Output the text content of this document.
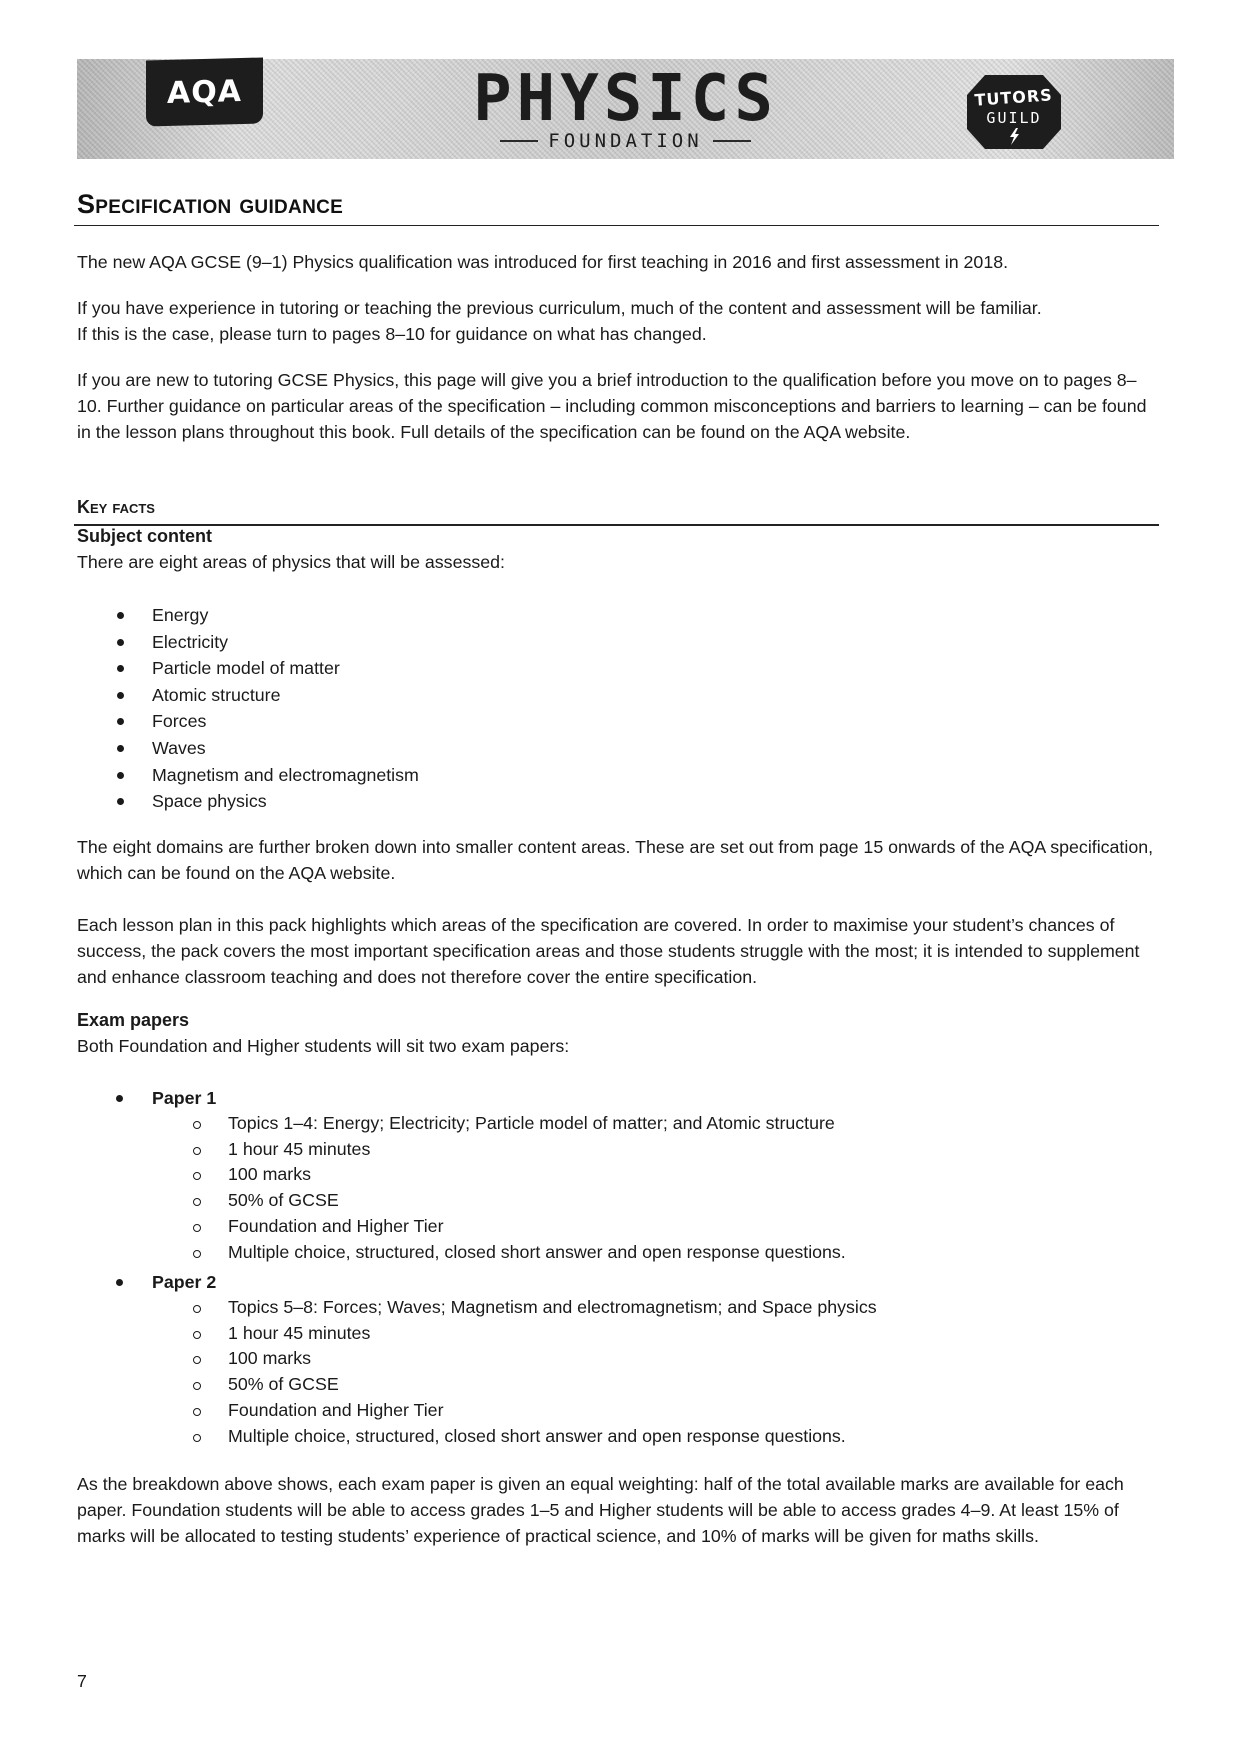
AQA	PHYSICS
FOUNDATION
TUTORS
GUILD
Specification guidance

The new AQA GCSE (9–1) Physics qualification was introduced for first teaching in 2016 and first assessment in 2018.

If you have experience in tutoring or teaching the previous curriculum, much of the content and assessment will be familiar. If this is the case, please turn to pages 8–10 for guidance on what has changed.

If you are new to tutoring GCSE Physics, this page will give you a brief introduction to the qualification before you move on to pages 8–10. Further guidance on particular areas of the specification – including common misconceptions and barriers to learning – can be found in the lesson plans throughout this book. Full details of the specification can be found on the AQA website.

Key facts
Subject content

There are eight areas of physics that will be assessed:

Energy
Electricity
Particle model of matter
Atomic structure
Forces
Waves
Magnetism and electromagnetism
Space physics

The eight domains are further broken down into smaller content areas. These are set out from page 15 onwards of the AQA specification, which can be found on the AQA website.

Each lesson plan in this pack highlights which areas of the specification are covered. In order to maximise your student’s chances of success, the pack covers the most important specification areas and those students struggle with the most; it is intended to supplement and enhance classroom teaching and does not therefore cover the entire specification.

Exam papers

Both Foundation and Higher students will sit two exam papers:

Paper 1

Topics 1–4: Energy; Electricity; Particle model of matter; and Atomic structure
1 hour 45 minutes
100 marks
50% of GCSE
Foundation and Higher Tier
Multiple choice, structured, closed short answer and open response questions.

Paper 2

Topics 5–8: Forces; Waves; Magnetism and electromagnetism; and Space physics
1 hour 45 minutes
100 marks
50% of GCSE
Foundation and Higher Tier
Multiple choice, structured, closed short answer and open response questions.

As the breakdown above shows, each exam paper is given an equal weighting: half of the total available marks are available for each paper. Foundation students will be able to access grades 1–5 and Higher students will be able to access grades 4–9. At least 15% of marks will be allocated to testing students’ experience of practical science, and 10% of marks will be given for maths skills.

7
